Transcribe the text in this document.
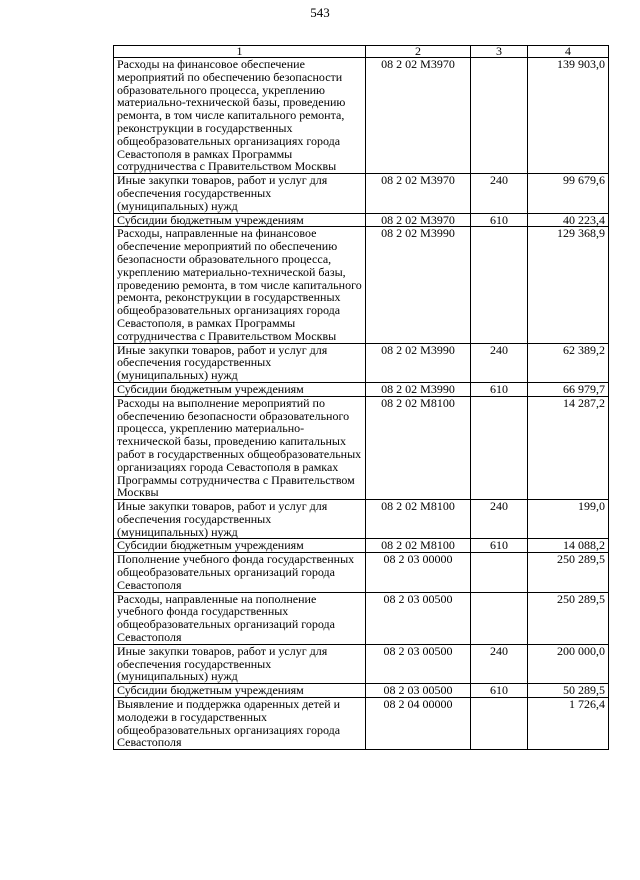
543
1	2	3	4
Расходы на финансовое обеспечение мероприятий по обеспечению безопасности образовательного процесса, укреплению материально-технической базы, проведению ремонта, в том числе капитального ремонта, реконструкции в государственных общеобразовательных организациях города Севастополя в рамках Программы сотрудничества с Правительством Москвы	08 2 02 М3970		139 903,0
Иные закупки товаров, работ и услуг для обеспечения государственных (муниципальных) нужд	08 2 02 М3970	240	99 679,6
Субсидии бюджетным учреждениям	08 2 02 М3970	610	40 223,4
Расходы, направленные на финансовое обеспечение мероприятий по обеспечению безопасности образовательного процесса, укреплению материально-технической базы, проведению ремонта, в том числе капитального ремонта, реконструкции в государственных общеобразовательных организациях города Севастополя, в рамках Программы сотрудничества с Правительством Москвы	08 2 02 М3990		129 368,9
Иные закупки товаров, работ и услуг для обеспечения государственных (муниципальных) нужд	08 2 02 М3990	240	62 389,2
Субсидии бюджетным учреждениям	08 2 02 М3990	610	66 979,7
Расходы на выполнение мероприятий по обеспечению безопасности образовательного процесса, укреплению материально-технической базы, проведению капитальных работ в государственных общеобразовательных организациях города Севастополя в рамках Программы сотрудничества с Правительством Москвы	08 2 02 М8100		14 287,2
Иные закупки товаров, работ и услуг для обеспечения государственных (муниципальных) нужд	08 2 02 М8100	240	199,0
Субсидии бюджетным учреждениям	08 2 02 М8100	610	14 088,2
Пополнение учебного фонда государственных общеобразовательных организаций города Севастополя	08 2 03 00000		250 289,5
Расходы, направленные на пополнение учебного фонда государственных общеобразовательных организаций города Севастополя	08 2 03 00500		250 289,5
Иные закупки товаров, работ и услуг для обеспечения государственных (муниципальных) нужд	08 2 03 00500	240	200 000,0
Субсидии бюджетным учреждениям	08 2 03 00500	610	50 289,5
Выявление и поддержка одаренных детей и молодежи в государственных общеобразовательных организациях города Севастополя	08 2 04 00000		1 726,4
